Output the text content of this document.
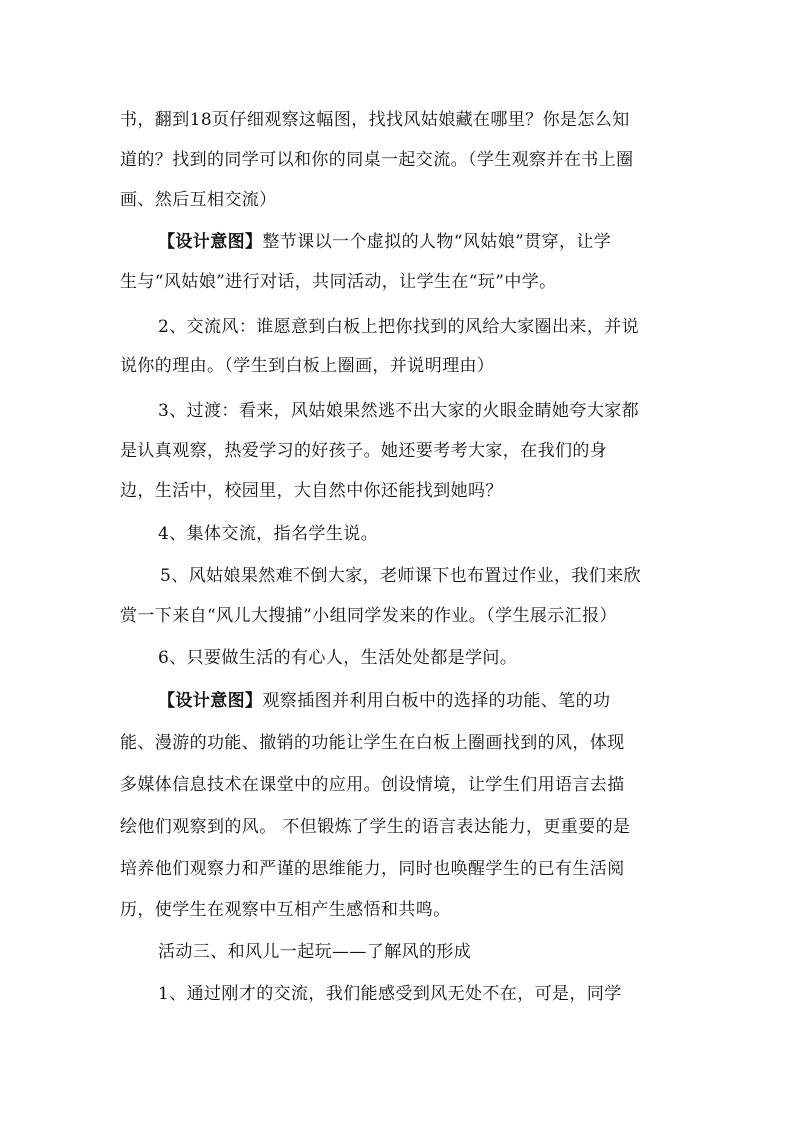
书，翻到18页仔细观察这幅图，找找风姑娘藏在哪里？你是怎么知
道的？找到的同学可以和你的同桌一起交流。（学生观察并在书上圈
画、然后互相交流）
【设计意图】整节课以一个虚拟的人物“风姑娘”贯穿，让学
生与“风姑娘”进行对话，共同活动，让学生在“玩”中学。
2、交流风：谁愿意到白板上把你找到的风给大家圈出来，并说
说你的理由。（学生到白板上圈画，并说明理由）
3、过渡：看来，风姑娘果然逃不出大家的火眼金睛她夸大家都
是认真观察，热爱学习的好孩子。她还要考考大家，在我们的身
边，生活中，校园里，大自然中你还能找到她吗？
4、集体交流，指名学生说。
5、风姑娘果然难不倒大家，老师课下也布置过作业，我们来欣
赏一下来自“风儿大搜捕”小组同学发来的作业。（学生展示汇报）
6、只要做生活的有心人，生活处处都是学问。
【设计意图】观察插图并利用白板中的选择的功能、笔的功
能、漫游的功能、撤销的功能让学生在白板上圈画找到的风，体现
多媒体信息技术在课堂中的应用。创设情境，让学生们用语言去描
绘他们观察到的风。 不但锻炼了学生的语言表达能力，更重要的是
培养他们观察力和严谨的思维能力，同时也唤醒学生的已有生活阅
历，使学生在观察中互相产生感悟和共鸣。
活动三、和风儿一起玩——了解风的形成
1、通过刚才的交流，我们能感受到风无处不在，可是，同学
